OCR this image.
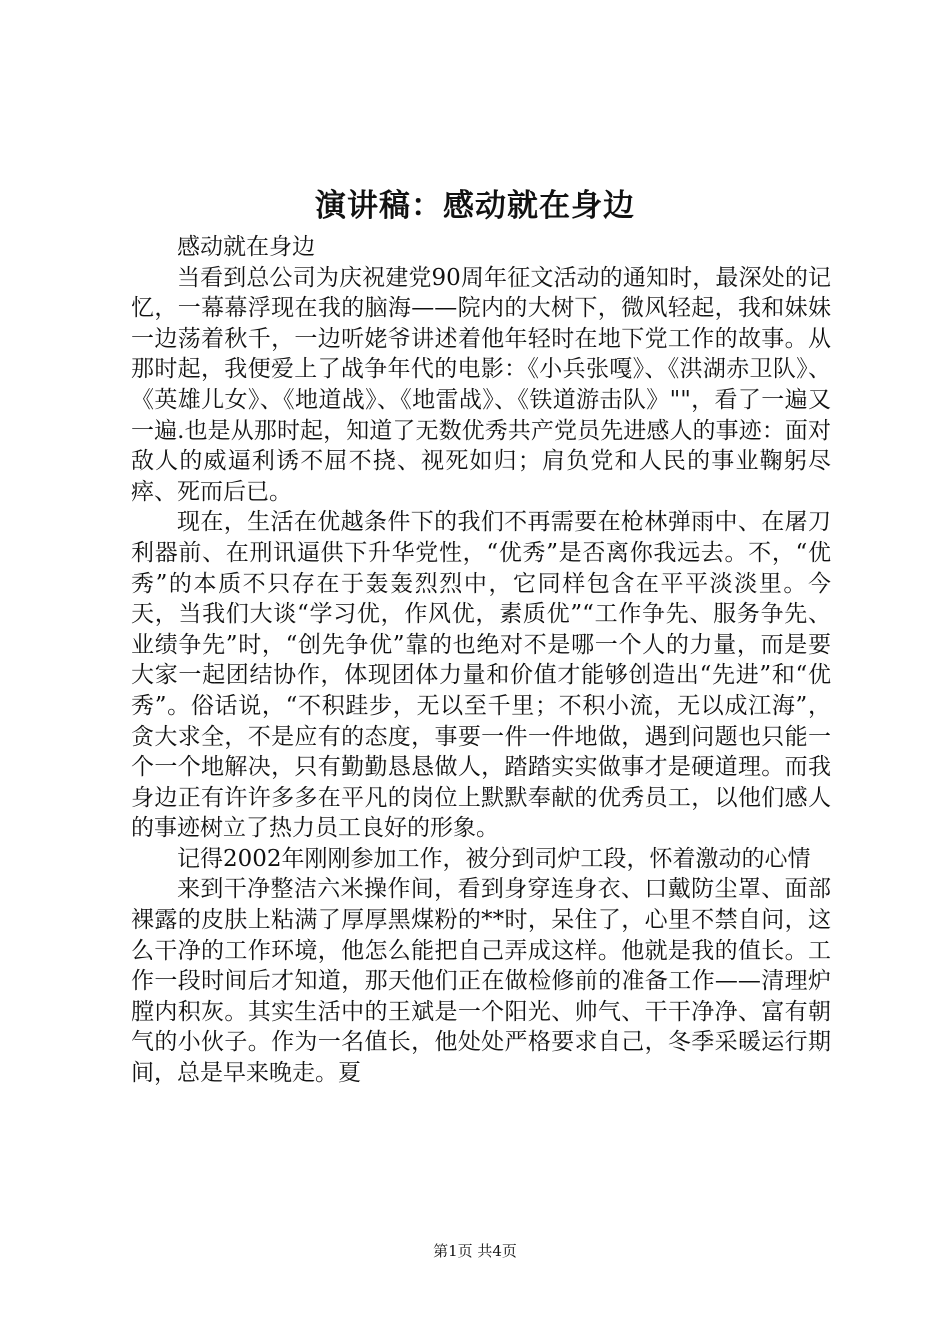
演讲稿：感动就在身边

感动就在身边

当看到总公司为庆祝建党90周年征文活动的通知时，最深处的记忆，一幕幕浮现在我的脑海——院内的大树下，微风轻起，我和妹妹一边荡着秋千，一边听姥爷讲述着他年轻时在地下党工作的故事。从那时起，我便爱上了战争年代的电影：《小兵张嘎》、《洪湖赤卫队》、《英雄儿女》、《地道战》、《地雷战》、《铁道游击队》""，看了一遍又一遍.也是从那时起，知道了无数优秀共产党员先进感人的事迹：面对敌人的威逼利诱不屈不挠、视死如归；肩负党和人民的事业鞠躬尽瘁、死而后已。

现在，生活在优越条件下的我们不再需要在枪林弹雨中、在屠刀利器前、在刑讯逼供下升华党性，“优秀”是否离你我远去。不，“优秀”的本质不只存在于轰轰烈烈中，它同样包含在平平淡淡里。今天，当我们大谈“学习优，作风优，素质优”“工作争先、服务争先、业绩争先”时，“创先争优”靠的也绝对不是哪一个人的力量，而是要大家一起团结协作，体现团体力量和价值才能够创造出“先进”和“优秀”。俗话说，“不积跬步，无以至千里；不积小流，无以成江海”，贪大求全，不是应有的态度，事要一件一件地做，遇到问题也只能一个一个地解决，只有勤勤恳恳做人，踏踏实实做事才是硬道理。而我身边正有许许多多在平凡的岗位上默默奉献的优秀员工，以他们感人的事迹树立了热力员工良好的形象。

记得2002年刚刚参加工作，被分到司炉工段，怀着激动的心情

来到干净整洁六米操作间，看到身穿连身衣、口戴防尘罩、面部裸露的皮肤上粘满了厚厚黑煤粉的**时，呆住了，心里不禁自问，这么干净的工作环境，他怎么能把自己弄成这样。他就是我的值长。工作一段时间后才知道，那天他们正在做检修前的准备工作——清理炉膛内积灰。其实生活中的王斌是一个阳光、帅气、干干净净、富有朝气的小伙子。作为一名值长，他处处严格要求自己，冬季采暖运行期间，总是早来晚走。夏

第1页 共4页
